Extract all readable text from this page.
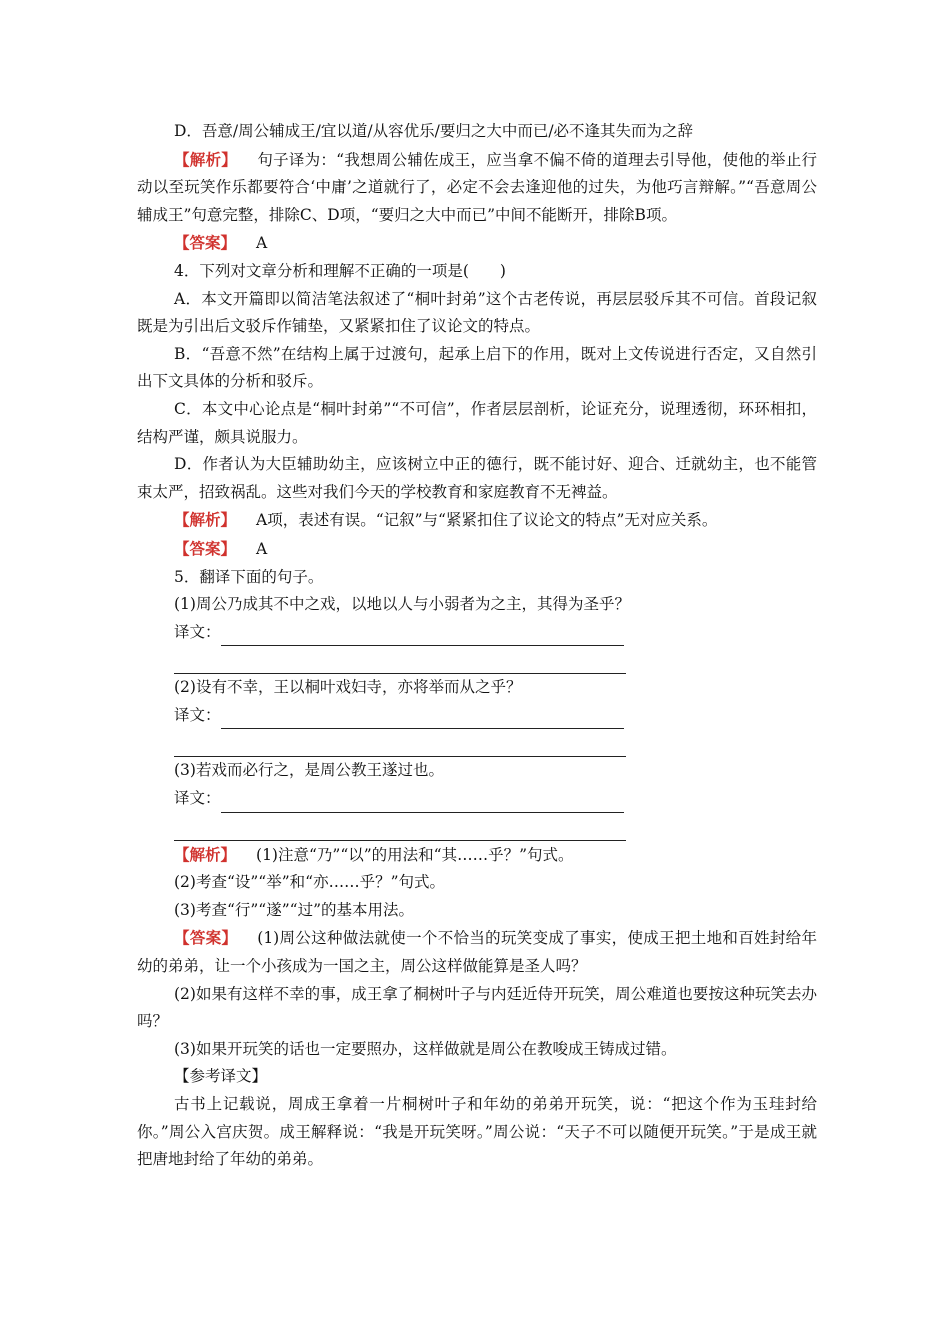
D．吾意/周公辅成王/宜以道/从容优乐/要归之大中而已/必不逢其失而为之辞

【解析】 句子译为：“我想周公辅佐成王，应当拿不偏不倚的道理去引导他，使他的举止行动以至玩笑作乐都要符合‘中庸’之道就行了，必定不会去逢迎他的过失，为他巧言辩解。”“吾意周公辅成王”句意完整，排除C、D项，“要归之大中而已”中间不能断开，排除B项。

【答案】 A

4．下列对文章分析和理解不正确的一项是(　　)

A．本文开篇即以简洁笔法叙述了“桐叶封弟”这个古老传说，再层层驳斥其不可信。首段记叙既是为引出后文驳斥作铺垫，又紧紧扣住了议论文的特点。

B．“吾意不然”在结构上属于过渡句，起承上启下的作用，既对上文传说进行否定，又自然引出下文具体的分析和驳斥。

C．本文中心论点是“桐叶封弟”“不可信”，作者层层剖析，论证充分，说理透彻，环环相扣，结构严谨，颇具说服力。

D．作者认为大臣辅助幼主，应该树立中正的德行，既不能讨好、迎合、迁就幼主，也不能管束太严，招致祸乱。这些对我们今天的学校教育和家庭教育不无裨益。

【解析】 A项，表述有误。“记叙”与“紧紧扣住了议论文的特点”无对应关系。

【答案】 A

5．翻译下面的句子。

(1)周公乃成其不中之戏，以地以人与小弱者为之主，其得为圣乎？

译文：

(2)设有不幸，王以桐叶戏妇寺，亦将举而从之乎？

译文：

(3)若戏而必行之，是周公教王遂过也。

译文：

【解析】 (1)注意“乃”“以”的用法和“其……乎？”句式。

(2)考查“设”“举”和“亦……乎？”句式。

(3)考查“行”“遂”“过”的基本用法。

【答案】 (1)周公这种做法就使一个不恰当的玩笑变成了事实，使成王把土地和百姓封给年幼的弟弟，让一个小孩成为一国之主，周公这样做能算是圣人吗？

(2)如果有这样不幸的事，成王拿了桐树叶子与内廷近侍开玩笑，周公难道也要按这种玩笑去办吗？

(3)如果开玩笑的话也一定要照办，这样做就是周公在教唆成王铸成过错。

【参考译文】

古书上记载说，周成王拿着一片桐树叶子和年幼的弟弟开玩笑，说：“把这个作为玉珪封给你。”周公入宫庆贺。成王解释说：“我是开玩笑呀。”周公说：“天子不可以随便开玩笑。”于是成王就把唐地封给了年幼的弟弟。
